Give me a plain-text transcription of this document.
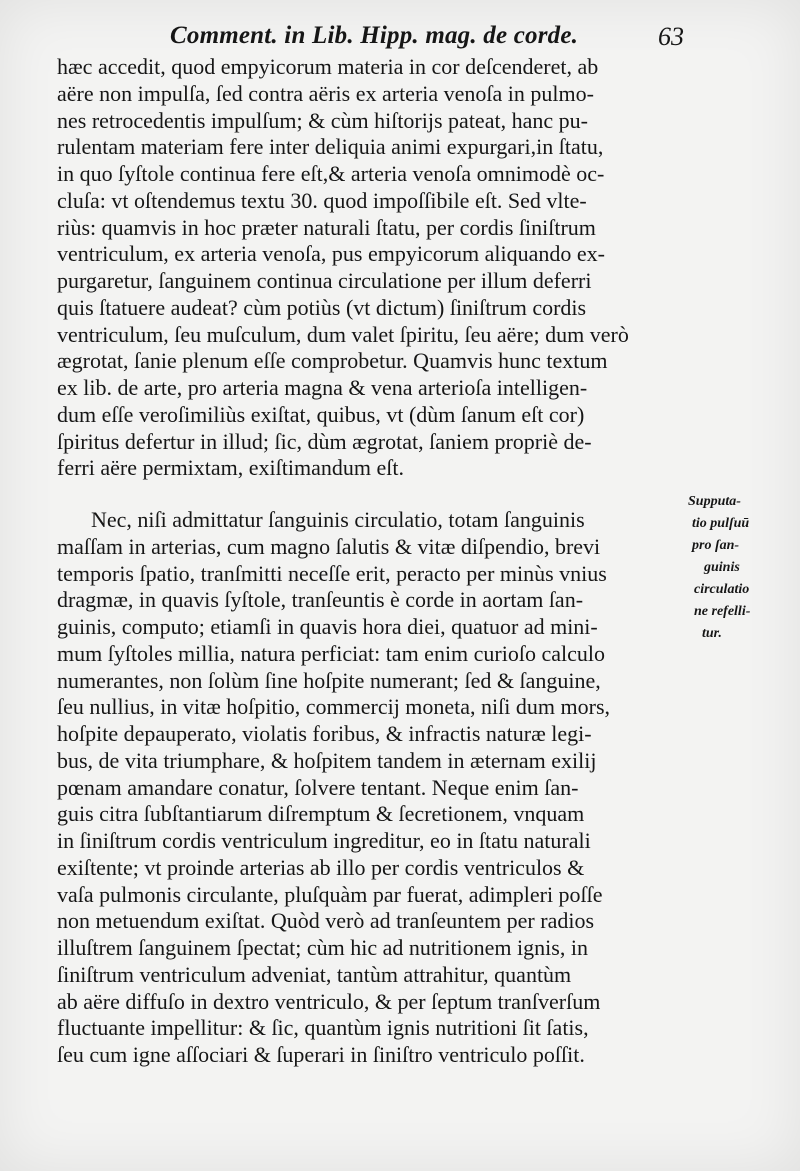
Comment. in Lib. Hipp. mag. de corde.	63
hæc accedit, quod empyicorum materia in cor deſcenderet, ab
aëre non impulſa, ſed contra aëris ex arteria venoſa in pulmo-
nes retrocedentis impulſum; & cùm hiſtorijs pateat, hanc pu-
rulentam materiam fere inter deliquia animi expurgari,in ſtatu,
in quo ſyſtole continua fere eſt,& arteria venoſa omnimodè oc-
cluſa: vt oſtendemus textu 30. quod impoſſibile eſt. Sed vlte-
riùs: quamvis in hoc præter naturali ſtatu, per cordis ſiniſtrum
ventriculum, ex arteria venoſa, pus empyicorum aliquando ex-
purgaretur, ſanguinem continua circulatione per illum deferri
quis ſtatuere audeat? cùm potiùs (vt dictum) ſiniſtrum cordis
ventriculum, ſeu muſculum, dum valet ſpiritu, ſeu aëre; dum verò
ægrotat, ſanie plenum eſſe comprobetur. Quamvis hunc textum
ex lib. de arte, pro arteria magna & vena arterioſa intelligen-
dum eſſe veroſimiliùs exiſtat, quibus, vt (dùm ſanum eſt cor)
ſpiritus defertur in illud; ſic, dùm ægrotat, ſaniem propriè de-
ferri aëre permixtam, exiſtimandum eſt.
Nec, niſi admittatur ſanguinis circulatio, totam ſanguinis
maſſam in arterias, cum magno ſalutis & vitæ diſpendio, brevi
temporis ſpatio, tranſmitti neceſſe erit, peracto per minùs vnius
dragmæ, in quavis ſyſtole, tranſeuntis è corde in aortam ſan-
guinis, computo; etiamſi in quavis hora diei, quatuor ad mini-
mum ſyſtoles millia, natura perficiat: tam enim curioſo calculo
numerantes, non ſolùm ſine hoſpite numerant; ſed & ſanguine,
ſeu nullius, in vitæ hoſpitio, commercij moneta, niſi dum mors,
hoſpite depauperato, violatis foribus, & infractis naturæ legi-
bus, de vita triumphare, & hoſpitem tandem in æternam exilij
pœnam amandare conatur, ſolvere tentant. Neque enim ſan-
guis citra ſubſtantiarum diſremptum & ſecretionem, vnquam
in ſiniſtrum cordis ventriculum ingreditur, eo in ſtatu naturali
exiſtente; vt proinde arterias ab illo per cordis ventriculos &
vaſa pulmonis circulante, pluſquàm par fuerat, adimpleri poſſe
non metuendum exiſtat. Quòd verò ad tranſeuntem per radios
illuſtrem ſanguinem ſpectat; cùm hic ad nutritionem ignis, in
ſiniſtrum ventriculum adveniat, tantùm attrahitur, quantùm
ab aëre diffuſo in dextro ventriculo, & per ſeptum tranſverſum
fluctuante impellitur: & ſic, quantùm ignis nutritioni ſit ſatis,
ſeu cum igne aſſociari & ſuperari in ſiniſtro ventriculo poſſit.
Supputa-
tio pulſuū
pro ſan-
guinis
circulatio
ne refelli-
tur.
